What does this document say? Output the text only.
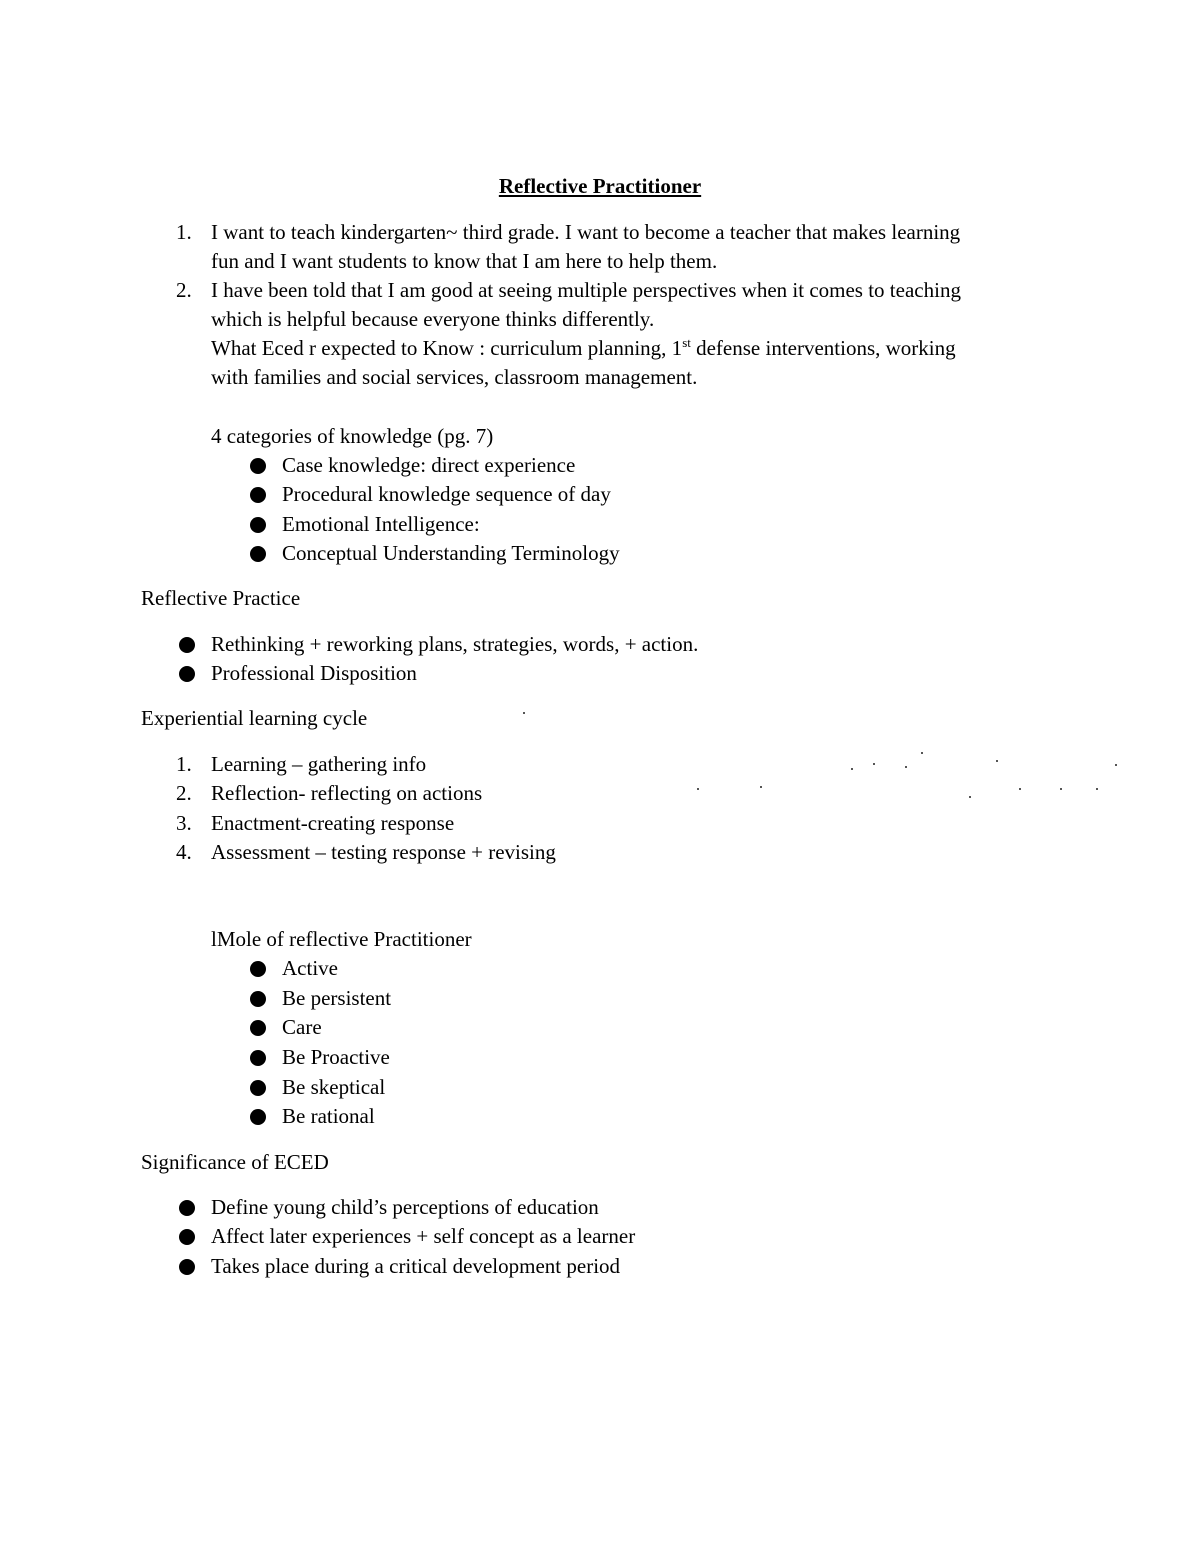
Reflective Practitioner
1. I want to teach kindergarten~ third grade. I want to become a teacher that makes learning
fun and I want students to know that I am here to help them.
2. I have been told that I am good at seeing multiple perspectives when it comes to teaching
which is helpful because everyone thinks differently.
What Eced r expected to Know : curriculum planning, 1st defense interventions, working
with families and social services, classroom management.
4 categories of knowledge (pg. 7)
Case knowledge: direct experience
Procedural knowledge sequence of day
Emotional Intelligence:
Conceptual Understanding Terminology
Reflective Practice
Rethinking + reworking plans, strategies, words, + action.
Professional Disposition
Experiential learning cycle
1. Learning – gathering info
2. Reflection- reflecting on actions
3. Enactment-creating response
4. Assessment – testing response + revising
lMole of reflective Practitioner
Active
Be persistent
Care
Be Proactive
Be skeptical
Be rational
Significance of ECED
Define young child’s perceptions of education
Affect later experiences + self concept as a learner
Takes place during a critical development period
